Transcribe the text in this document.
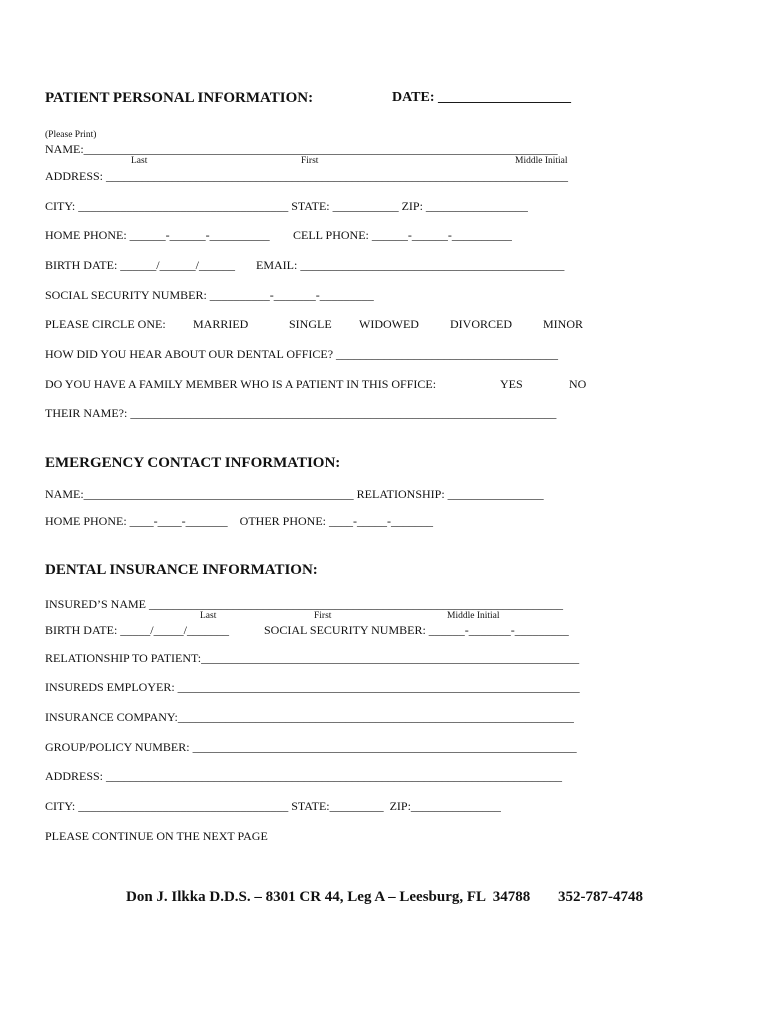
PATIENT PERSONAL INFORMATION:	DATE: ___________________
(Please Print)
NAME:_______________________________________________________________________________
Last	First	Middle Initial
ADDRESS: _____________________________________________________________________________
CITY: ___________________________________ STATE: ___________ ZIP: _________________
HOME PHONE: ______-______-__________ CELL PHONE: ______-______-__________
BIRTH DATE: ______/______/______ EMAIL: ____________________________________________
SOCIAL SECURITY NUMBER: __________-_______-_________
PLEASE CIRCLE ONE: MARRIED	SINGLE WIDOWED	DIVORCED	MINOR
HOW DID YOU HEAR ABOUT OUR DENTAL OFFICE? _____________________________________
DO YOU HAVE A FAMILY MEMBER WHO IS A PATIENT IN THIS OFFICE:	YES	NO
THEIR NAME?: _______________________________________________________________________
EMERGENCY CONTACT INFORMATION:
NAME:_____________________________________________ RELATIONSHIP: ________________
HOME PHONE: ____-____-_______    OTHER PHONE: ____-_____-_______
DENTAL INSURANCE INFORMATION:
INSURED’S NAME _____________________________________________________________________
Last	First	Middle Initial
BIRTH DATE: _____/_____/_______	SOCIAL SECURITY NUMBER: ______-_______-_________
RELATIONSHIP TO PATIENT:_______________________________________________________________
INSUREDS EMPLOYER: ___________________________________________________________________
INSURANCE COMPANY:__________________________________________________________________
GROUP/POLICY NUMBER: ________________________________________________________________
ADDRESS: ____________________________________________________________________________
CITY: ___________________________________ STATE:_________  ZIP:_______________
PLEASE CONTINUE ON THE NEXT PAGE
Don J. Ilkka D.D.S. – 8301 CR 44, Leg A – Leesburg, FL  34788 352-787-4748
